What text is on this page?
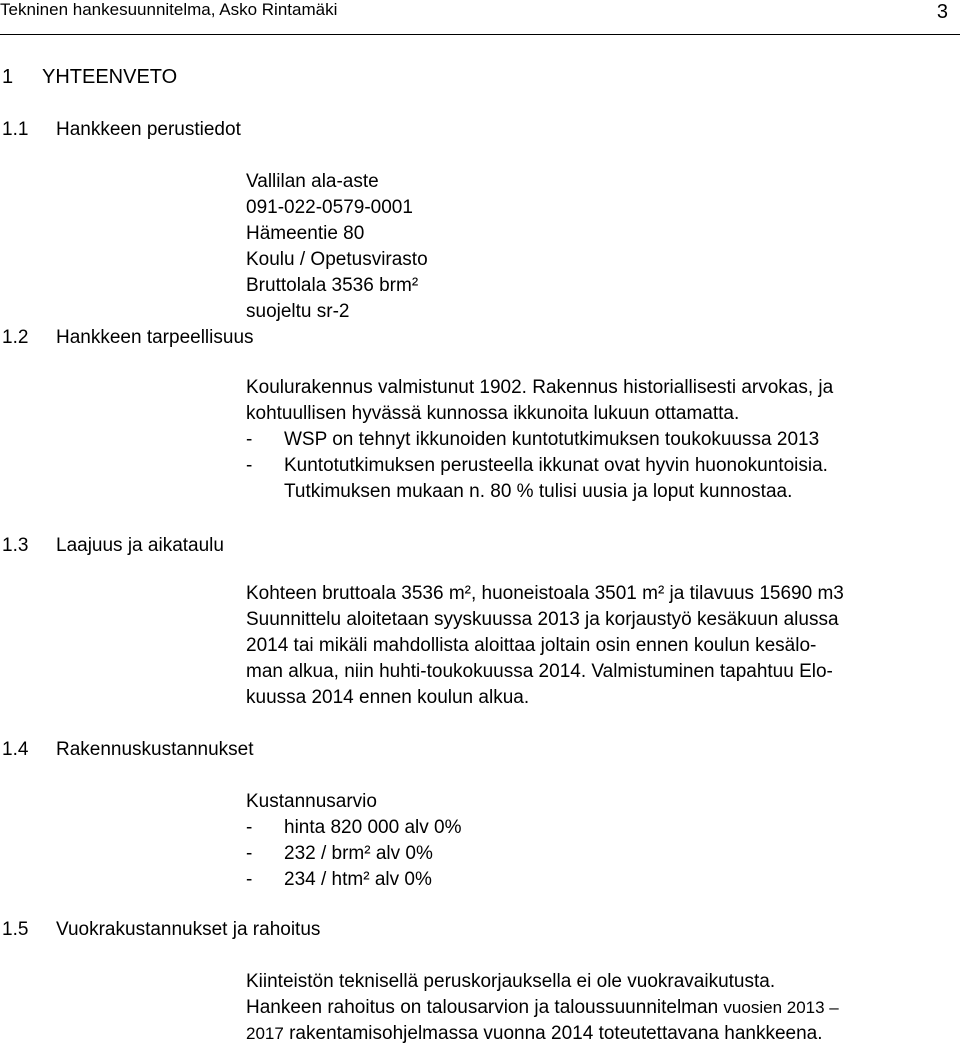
Tekninen hankesuunnitelma, Asko Rintamäki	3
1 YHTEENVETO
1.1 Hankkeen perustiedot
Vallilan ala-aste
091-022-0579-0001
Hämeentie 80
Koulu / Opetusvirasto
Bruttolala 3536 brm²
suojeltu sr-2
1.2 Hankkeen tarpeellisuus
Koulurakennus valmistunut 1902. Rakennus historiallisesti arvokas, ja
kohtuullisen hyvässä kunnossa ikkunoita lukuun ottamatta.
- WSP on tehnyt ikkunoiden kuntotutkimuksen toukokuussa 2013
- Kuntotutkimuksen perusteella ikkunat ovat hyvin huonokuntoisia.
Tutkimuksen mukaan n. 80 % tulisi uusia ja loput kunnostaa.
1.3 Laajuus ja aikataulu
Kohteen bruttoala 3536 m², huoneistoala 3501 m² ja tilavuus 15690 m3
Suunnittelu aloitetaan syyskuussa 2013 ja korjaustyö kesäkuun alussa
2014 tai mikäli mahdollista aloittaa joltain osin ennen koulun kesälo-
man alkua, niin huhti-toukokuussa 2014. Valmistuminen tapahtuu Elo-
kuussa 2014 ennen koulun alkua.
1.4 Rakennuskustannukset
Kustannusarvio
- hinta 820 000 alv 0%
- 232 / brm² alv 0%
- 234 / htm² alv 0%
1.5 Vuokrakustannukset ja rahoitus
Kiinteistön teknisellä peruskorjauksella ei ole vuokravaikutusta.
Hankeen rahoitus on talousarvion ja taloussuunnitelman vuosien 2013 –
2017 rakentamisohjelmassa vuonna 2014 toteutettavana hankkeena.
